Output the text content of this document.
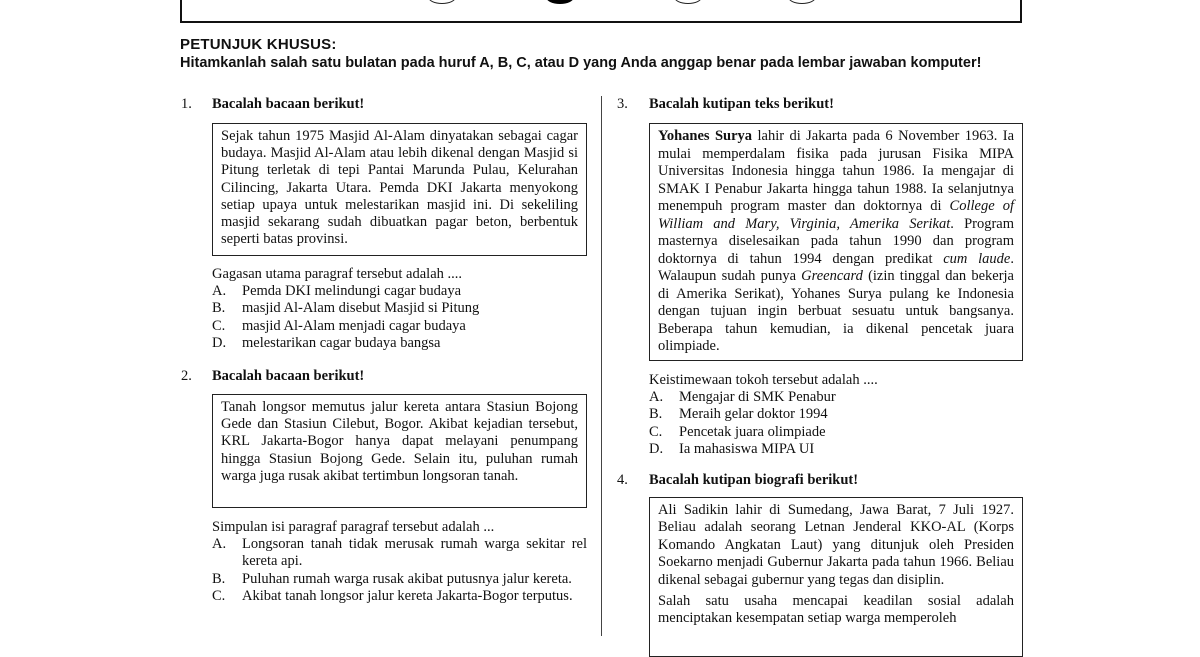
PETUNJUK KHUSUS:
Hitamkanlah salah satu bulatan pada huruf A, B, C, atau D yang Anda anggap benar pada lembar jawaban komputer!
1. Bacalah bacaan berikut!
Sejak tahun 1975 Masjid Al-Alam dinyatakan sebagai cagar budaya. Masjid Al-Alam atau lebih dikenal dengan Masjid si Pitung terletak di tepi Pantai Marunda Pulau, Kelurahan Cilincing, Jakarta Utara. Pemda DKI Jakarta menyokong setiap upaya untuk melestarikan masjid ini. Di sekeliling masjid sekarang sudah dibuatkan pagar beton, berbentuk seperti batas provinsi.
Gagasan utama paragraf tersebut adalah ....
A.	Pemda DKI melindungi cagar budaya
B.	masjid Al-Alam disebut Masjid si Pitung
C.	masjid Al-Alam menjadi cagar budaya
D.	melestarikan cagar budaya bangsa
2. Bacalah bacaan berikut!
Tanah longsor memutus jalur kereta antara Stasiun Bojong Gede dan Stasiun Cilebut, Bogor. Akibat kejadian tersebut, KRL Jakarta-Bogor hanya dapat melayani penumpang hingga Stasiun Bojong Gede. Selain itu, puluhan rumah warga juga rusak akibat tertimbun longsoran tanah.
Simpulan isi paragraf paragraf tersebut adalah ...
A.	Longsoran tanah tidak merusak rumah warga sekitar rel kereta api.
B.	Puluhan rumah warga rusak akibat putusnya jalur kereta.
C.	Akibat tanah longsor jalur kereta Jakarta-Bogor terputus.
3. Bacalah kutipan teks berikut!
Yohanes Surya lahir di Jakarta pada 6 November 1963. Ia mulai memperdalam fisika pada jurusan Fisika MIPA Universitas Indonesia hingga tahun 1986. Ia mengajar di SMAK I Penabur Jakarta hingga tahun 1988. Ia selanjutnya menempuh program master dan doktornya di College of William and Mary, Virginia, Amerika Serikat. Program masternya diselesaikan pada tahun 1990 dan program doktornya di tahun 1994 dengan predikat cum laude. Walaupun sudah punya Greencard (izin tinggal dan bekerja di Amerika Serikat), Yohanes Surya pulang ke Indonesia dengan tujuan ingin berbuat sesuatu untuk bangsanya. Beberapa tahun kemudian, ia dikenal pencetak juara olimpiade.
Keistimewaan tokoh tersebut adalah ....
A.	Mengajar di SMK Penabur
B.	Meraih gelar doktor 1994
C.	Pencetak juara olimpiade
D.	Ia mahasiswa MIPA UI
4. Bacalah kutipan biografi berikut!
Ali Sadikin lahir di Sumedang, Jawa Barat, 7 Juli 1927. Beliau adalah seorang Letnan Jenderal KKO-AL (Korps Komando Angkatan Laut) yang ditunjuk oleh Presiden Soekarno menjadi Gubernur Jakarta pada tahun 1966. Beliau dikenal sebagai gubernur yang tegas dan disiplin.
Salah satu usaha mencapai keadilan sosial adalah menciptakan kesempatan setiap warga memperoleh
